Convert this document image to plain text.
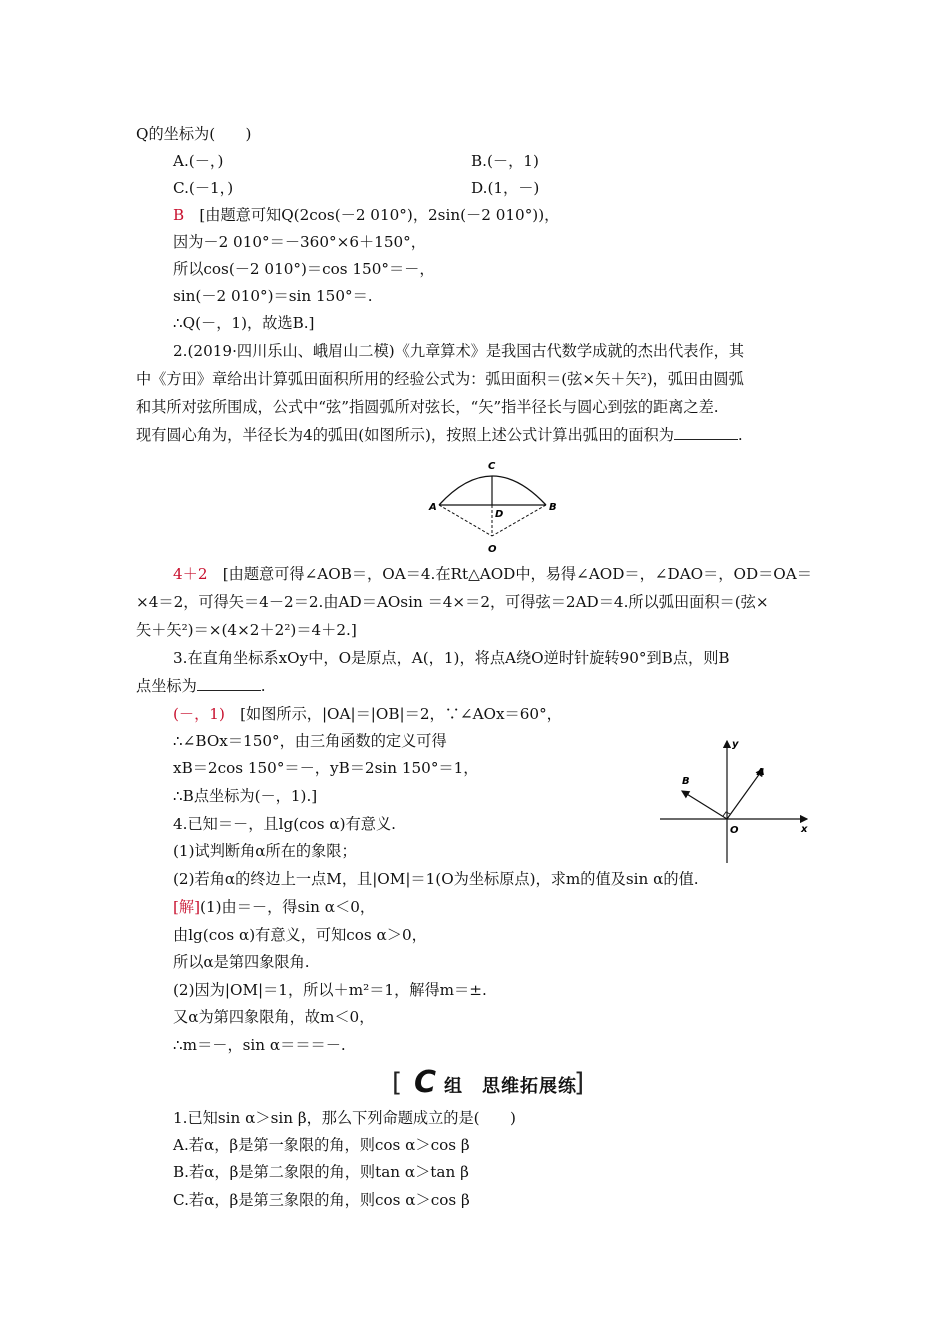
Q的坐标为(　　)
A.(－，)	B.(－，1)
C.(－1，)	D.(1，－)
B　 [由题意可知Q(2cos(－2 010°)，2sin(－2 010°))，
因为－2 010°＝－360°×6＋150°，
所以cos(－2 010°)＝cos 150°＝－，
sin(－2 010°)＝sin 150°＝.
∴Q(－，1)，故选B.]
2.(2019·四川乐山、峨眉山二模)《九章算术》是我国古代数学成就的杰出代表作，其
中《方田》章给出计算弧田面积所用的经验公式为：弧田面积＝(弦×矢＋矢²)，弧田由圆弧
和其所对弦所围成，公式中“弦”指圆弧所对弦长，“矢”指半径长与圆心到弦的距离之差.
现有圆心角为，半径长为4的弧田(如图所示)，按照上述公式计算出弧田的面积为	.
C
A	B
D
O
4＋2　 [由题意可得∠AOB＝，OA＝4.在Rt△AOD中，易得∠AOD＝，∠DAO＝，OD＝OA＝
×4＝2，可得矢＝4－2＝2.由AD＝AOsin ＝4×＝2，可得弦＝2AD＝4.所以弧田面积＝(弦×
矢＋矢²)＝×(4×2＋2²)＝4＋2.]
3.在直角坐标系xOy中，O是原点，A(，1)，将点A绕O逆时针旋转90°到B点，则B
点坐标为	.
(－，1)　 [如图所示，|OA|＝|OB|＝2，∵∠AOx＝60°，
∴∠BOx＝150°，由三角函数的定义可得
xB＝2cos 150°＝－，yB＝2sin 150°＝1，
∴B点坐标为(－，1).]
y
x
O
A
B
4.已知＝－，且lg(cos α)有意义.
(1)试判断角α所在的象限；
(2)若角α的终边上一点M，且|OM|＝1(O为坐标原点)，求m的值及sin α的值.
[解](1)由＝－，得sin α＜0，
由lg(cos α)有意义，可知cos α＞0，
所以α是第四象限角.
(2)因为|OM|＝1，所以＋m²＝1，解得m＝±.
又α为第四象限角，故m＜0，
∴m＝－，sin α＝＝＝－.
[ C 组　思维拓展练
]
1.已知sin α＞sin β，那么下列命题成立的是(　　)
A.若α，β是第一象限的角，则cos α＞cos β
B.若α，β是第二象限的角，则tan α＞tan β
C.若α，β是第三象限的角，则cos α＞cos β
